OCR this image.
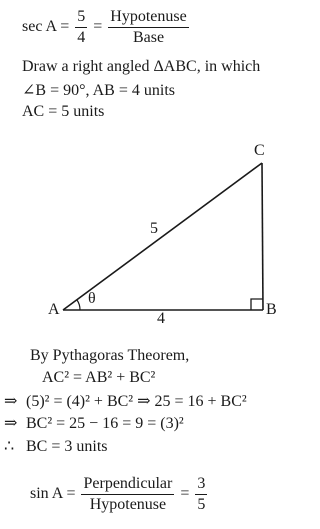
$\sec A = \frac{5}{4} = \frac{\text{Hypotenuse}}{\text{Base}}$
Draw a right angled ΔABC, in which
∠B = 90°, AB = 4 units
AC = 5 units
C
5
θ
A	B
4
By Pythagoras Theorem,
AC² = AB² + BC²
⇒ (5)² = (4)² + BC² ⇒ 25 = 16 + BC²
⇒ BC² = 25 − 16 = 9 = (3)²
∴ BC = 3 units
$\sin A = \frac{\text{Perpendicular}}{\text{Hypotenuse}} = \frac{3}{5}$
